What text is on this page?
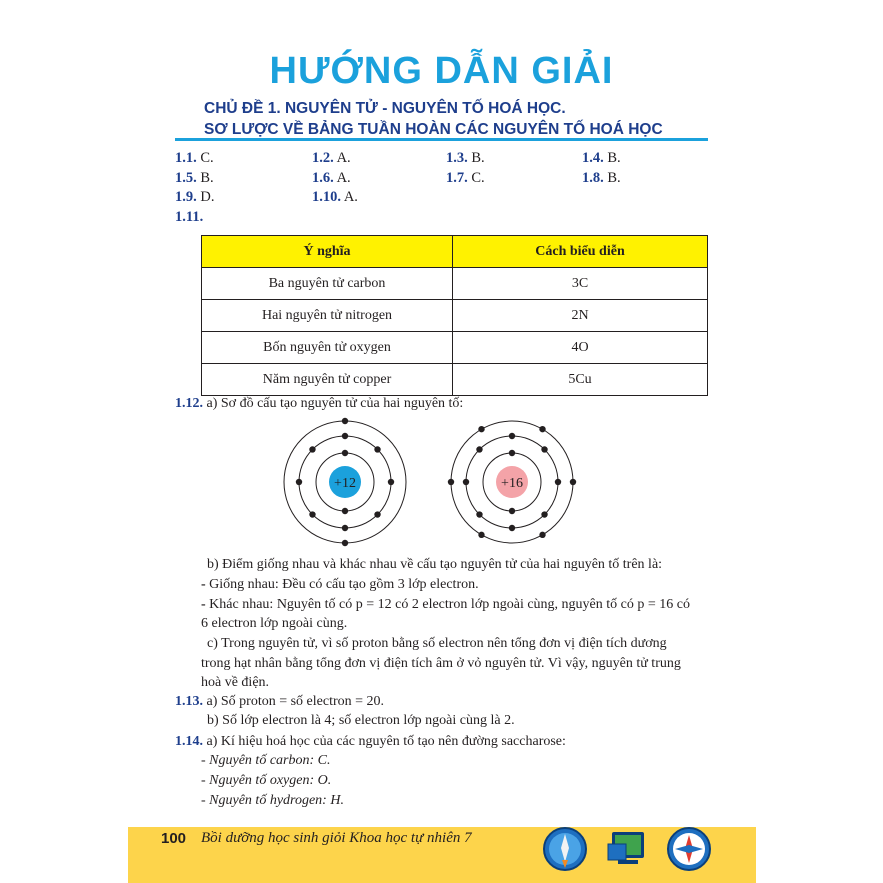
HƯỚNG DẪN GIẢI
CHỦ ĐỀ 1. NGUYÊN TỬ - NGUYÊN TỐ HOÁ HỌC.
SƠ LƯỢC VỀ BẢNG TUẦN HOÀN CÁC NGUYÊN TỐ HOÁ HỌC
1.1. C.	1.2. A.	1.3. B.	1.4. B.
1.5. B.	1.6. A.	1.7. C.	1.8. B.
1.9. D.	1.10. A.
1.11.
Ý nghĩa	Cách biểu diễn
Ba nguyên tử carbon	3C
Hai nguyên tử nitrogen	2N
Bốn nguyên tử oxygen	4O
Năm nguyên tử copper	5Cu
1.12. a) Sơ đồ cấu tạo nguyên tử của hai nguyên tố:
+12	+16
b) Điểm giống nhau và khác nhau về cấu tạo nguyên tử của hai nguyên tố trên là:
- Giống nhau: Đều có cấu tạo gồm 3 lớp electron.
- Khác nhau: Nguyên tố có p = 12 có 2 electron lớp ngoài cùng, nguyên tố có p = 16 có
6 electron lớp ngoài cùng.
c) Trong nguyên tử, vì số proton bằng số electron nên tổng đơn vị điện tích dương
trong hạt nhân bằng tổng đơn vị điện tích âm ở vỏ nguyên tử. Vì vậy, nguyên tử trung
hoà về điện.
1.13. a) Số proton = số electron = 20.
b) Số lớp electron là 4; số electron lớp ngoài cùng là 2.
1.14. a) Kí hiệu hoá học của các nguyên tố tạo nên đường saccharose:
- Nguyên tố carbon: C.
- Nguyên tố oxygen: O.
- Nguyên tố hydrogen: H.
100 Bồi dưỡng học sinh giỏi Khoa học tự nhiên 7
